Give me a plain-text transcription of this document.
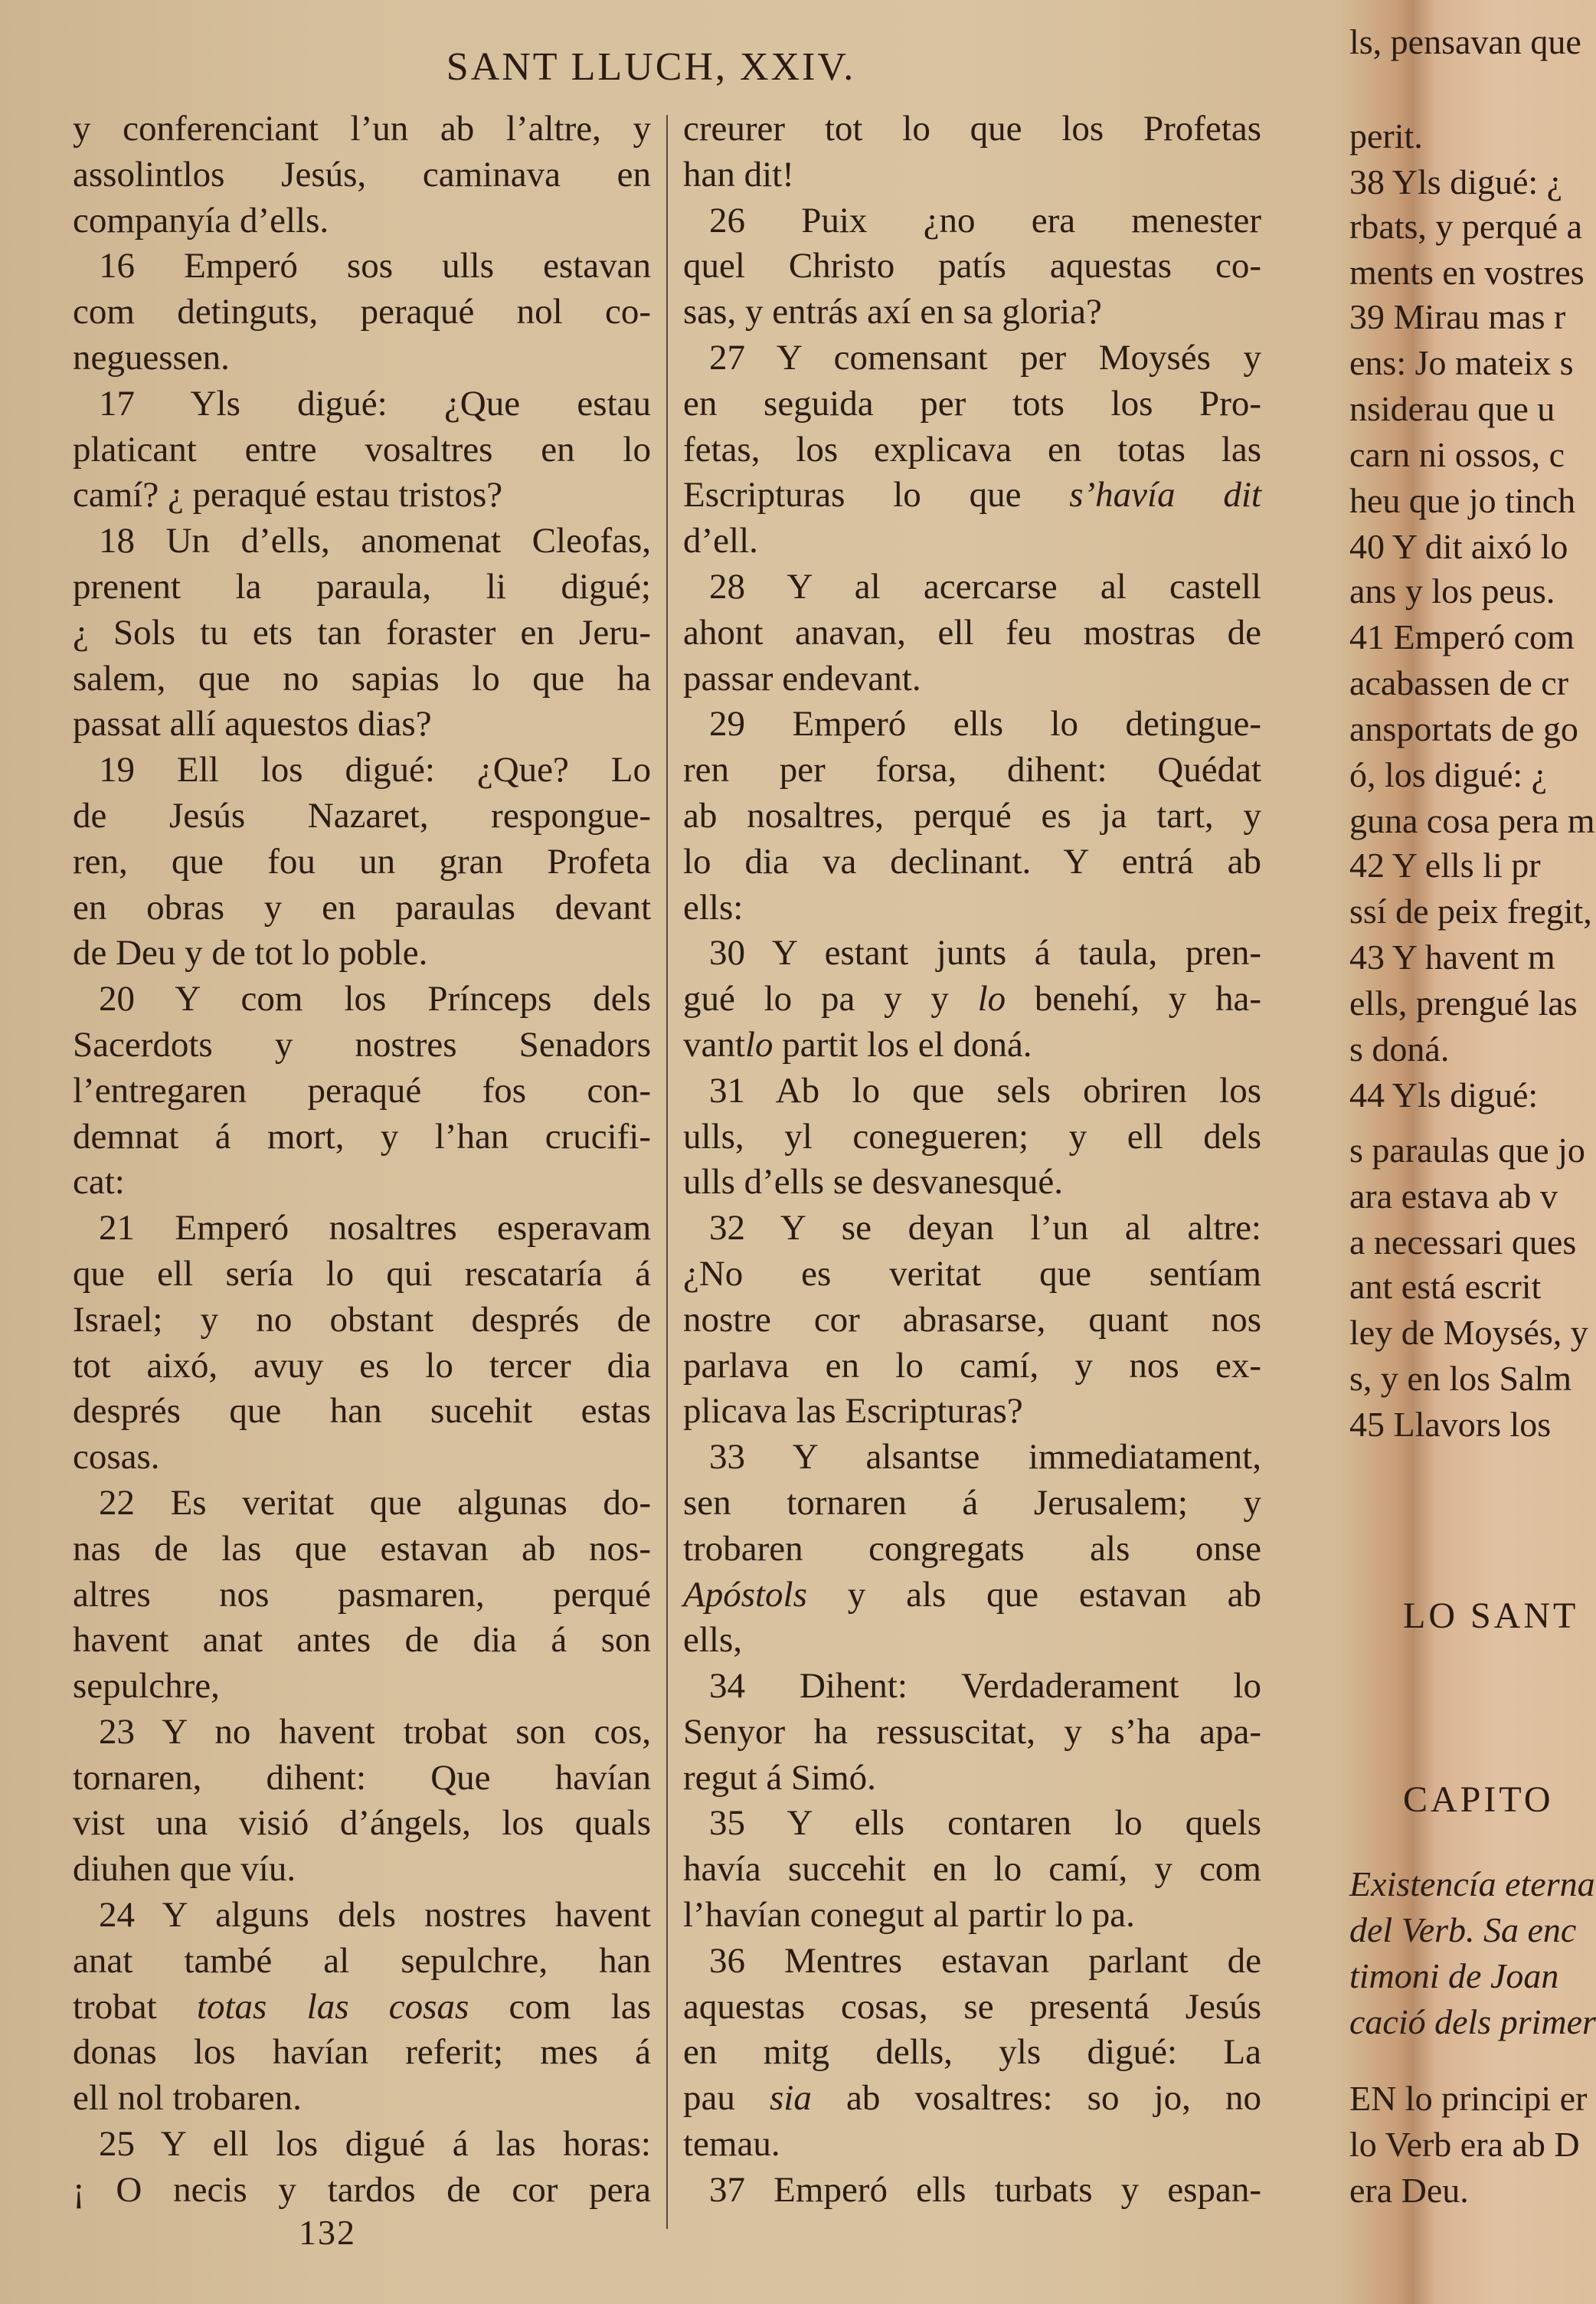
SANT LLUCH, XXIV.
y conferenciant l’un ab l’altre, y
assolintlos Jesús, caminava en
companyía d’ells.
16 Emperó sos ulls estavan
com detinguts, peraqué nol co-
neguessen.
17 Yls digué: ¿Que estau
platicant entre vosaltres en lo
camí? ¿ peraqué estau tristos?
18 Un d’ells, anomenat Cleofas,
prenent la paraula, li digué;
¿ Sols tu ets tan foraster en Jeru-
salem, que no sapias lo que ha
passat allí aquestos dias?
19 Ell los digué: ¿Que? Lo
de Jesús Nazaret, respongue-
ren, que fou un gran Profeta
en obras y en paraulas devant
de Deu y de tot lo poble.
20 Y com los Prínceps dels
Sacerdots y nostres Senadors
l’entregaren peraqué fos con-
demnat á mort, y l’han crucifi-
cat:
21 Emperó nosaltres esperavam
que ell sería lo qui rescataría á
Israel; y no obstant després de
tot aixó, avuy es lo tercer dia
després que han sucehit estas
cosas.
22 Es veritat que algunas do-
nas de las que estavan ab nos-
altres nos pasmaren, perqué
havent anat antes de dia á son
sepulchre,
23 Y no havent trobat son cos,
tornaren, dihent: Que havían
vist una visió d’ángels, los quals
diuhen que víu.
24 Y alguns dels nostres havent
anat també al sepulchre, han
trobat totas las cosas com las
donas los havían referit; mes á
ell nol trobaren.
25 Y ell los digué á las horas:
¡ O necis y tardos de cor pera
creurer tot lo que los Profetas
han dit!
26 Puix ¿no era menester
quel Christo patís aquestas co-
sas, y entrás axí en sa gloria?
27 Y comensant per Moysés y
en seguida per tots los Pro-
fetas, los explicava en totas las
Escripturas lo que s’havía dit
d’ell.
28 Y al acercarse al castell
ahont anavan, ell feu mostras de
passar endevant.
29 Emperó ells lo detingue-
ren per forsa, dihent: Quédat
ab nosaltres, perqué es ja tart, y
lo dia va declinant. Y entrá ab
ells:
30 Y estant junts á taula, pren-
gué lo pa y y lo benehí, y ha-
vantlo partit los el doná.
31 Ab lo que sels obriren los
ulls, yl conegueren; y ell dels
ulls d’ells se desvanesqué.
32 Y se deyan l’un al altre:
¿No es veritat que sentíam
nostre cor abrasarse, quant nos
parlava en lo camí, y nos ex-
plicava las Escripturas?
33 Y alsantse immediatament,
sen tornaren á Jerusalem; y
trobaren congregats als onse
Apóstols y als que estavan ab
ells,
34 Dihent: Verdaderament lo
Senyor ha ressuscitat, y s’ha apa-
regut á Simó.
35 Y ells contaren lo quels
havía succehit en lo camí, y com
l’havían conegut al partir lo pa.
36 Mentres estavan parlant de
aquestas cosas, se presentá Jesús
en mitg dells, yls digué: La
pau sia ab vosaltres: so jo, no
temau.
37 Emperó ells turbats y espan-
132
ls, pensavan que
perit.
38 Yls digué: ¿
rbats, y perqué a
ments en vostres
39 Mirau mas r
ens: Jo mateix s
nsiderau que u
carn ni ossos, c
heu que jo tinch
40 Y dit aixó lo
ans y los peus.
41 Emperó com
acabassen de cr
ansportats de go
ó, los digué: ¿
guna cosa pera m
42 Y ells li pr
ssí de peix fregit,
43 Y havent m
ells, prengué las
s doná.
44 Yls digué:
s paraulas que jo
ara estava ab v
a necessari ques
ant está escrit
ley de Moysés, y
s, y en los Salm
45 Llavors los
LO SANT
CAPITO
Existencía eterna
del Verb. Sa enc
timoni de Joan
cació dels primer
EN lo principi er
lo Verb era ab D
era Deu.
